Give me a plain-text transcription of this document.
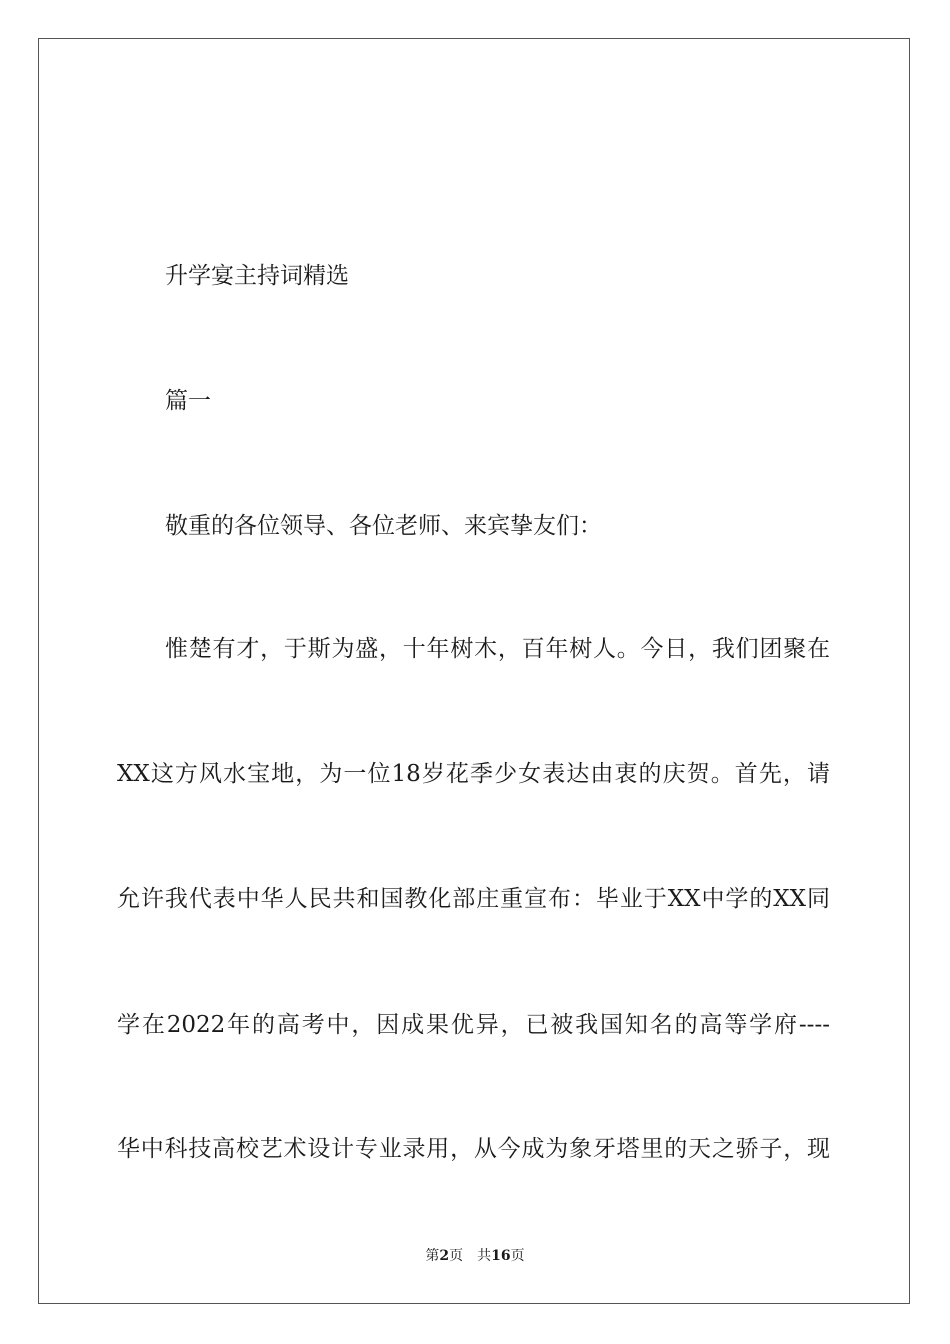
升学宴主持词精选
篇一
敬重的各位领导、各位老师、来宾挚友们：
惟楚有才，于斯为盛，十年树木，百年树人。今日，我们团聚在
XX这方风水宝地，为一位18岁花季少女表达由衷的庆贺。首先，请
允许我代表中华人民共和国教化部庄重宣布：毕业于XX中学的XX同
学在2022年的高考中，因成果优异，已被我国知名的高等学府----
华中科技高校艺术设计专业录用，从今成为象牙塔里的天之骄子，现
第2页 共16页
